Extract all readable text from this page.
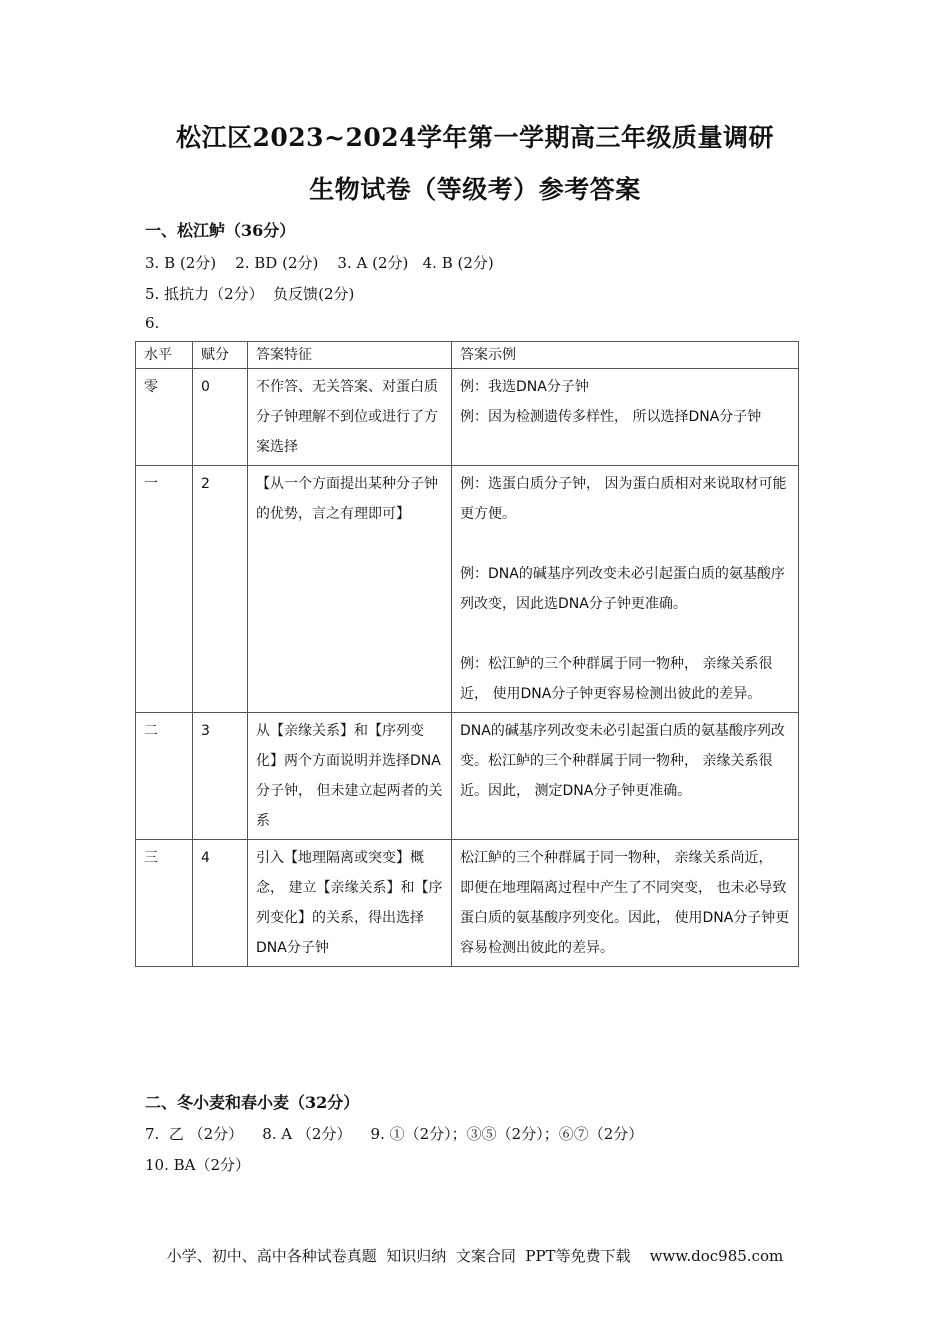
松江区2023~2024学年第一学期高三年级质量调研
生物试卷（等级考）参考答案
一、松江鲈（36分）
3. B (2分)    2. BD (2分)    3. A (2分)   4. B (2分)
5. 抵抗力（2分）  负反馈(2分)
6.
水平	赋分	答案特征	答案示例
零	0	不作答、无关答案、对蛋白质分子钟理解不到位或进行了方案选择	例：我选DNA分子钟
例：因为检测遗传多样性， 所以选择DNA分子钟

一	2	【从一个方面提出某种分子钟的优势，言之有理即可】	例：选蛋白质分子钟， 因为蛋白质相对来说取材可能更方便。
例：DNA的碱基序列改变未必引起蛋白质的氨基酸序列改变，因此选DNA分子钟更准确。
例：松江鲈的三个种群属于同一物种， 亲缘关系很近， 使用DNA分子钟更容易检测出彼此的差异。

二	3	从【亲缘关系】和【序列变化】两个方面说明并选择DNA分子钟， 但未建立起两者的关系	DNA的碱基序列改变未必引起蛋白质的氨基酸序列改变。松江鲈的三个种群属于同一物种， 亲缘关系很近。因此， 测定DNA分子钟更准确。

三	4	引入【地理隔离或突变】概念， 建立【亲缘关系】和【序列变化】的关系，得出选择DNA分子钟	松江鲈的三个种群属于同一物种， 亲缘关系尚近， 即便在地理隔离过程中产生了不同突变， 也未必导致蛋白质的氨基酸序列变化。因此， 使用DNA分子钟更容易检测出彼此的差异。
二、冬小麦和春小麦（32分）
7.  乙 （2分）    8. A （2分）    9. ①（2分）；③⑤（2分）；⑥⑦（2分）
10. BA（2分）
小学、初中、高中各种试卷真题  知识归纳  文案合同  PPT等免费下载    www.doc985.com
